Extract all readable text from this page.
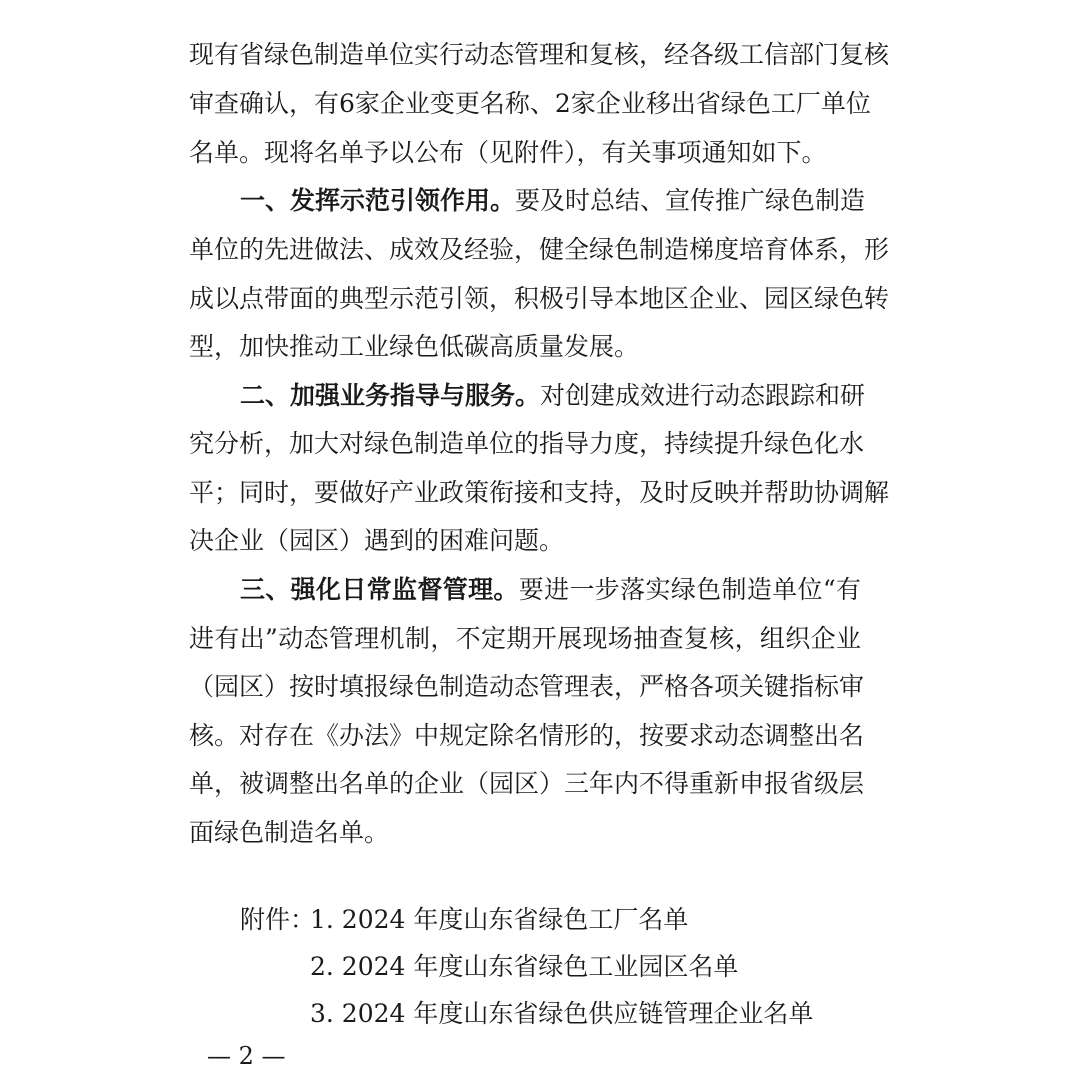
现有省绿色制造单位实行动态管理和复核，经各级工信部门复核
审查确认，有6家企业变更名称、2家企业移出省绿色工厂单位
名单。现将名单予以公布（见附件），有关事项通知如下。
一、发挥示范引领作用。要及时总结、宣传推广绿色制造
单位的先进做法、成效及经验，健全绿色制造梯度培育体系，形
成以点带面的典型示范引领，积极引导本地区企业、园区绿色转
型，加快推动工业绿色低碳高质量发展。
二、加强业务指导与服务。对创建成效进行动态跟踪和研
究分析，加大对绿色制造单位的指导力度，持续提升绿色化水
平；同时，要做好产业政策衔接和支持，及时反映并帮助协调解
决企业（园区）遇到的困难问题。
三、强化日常监督管理。要进一步落实绿色制造单位“有
进有出”动态管理机制，不定期开展现场抽查复核，组织企业
（园区）按时填报绿色制造动态管理表，严格各项关键指标审
核。对存在《办法》中规定除名情形的，按要求动态调整出名
单，被调整出名单的企业（园区）三年内不得重新申报省级层
面绿色制造名单。
附件：
1. 2024 年度山东省绿色工厂名单
2. 2024 年度山东省绿色工业园区名单
3. 2024 年度山东省绿色供应链管理企业名单
— 2 —
